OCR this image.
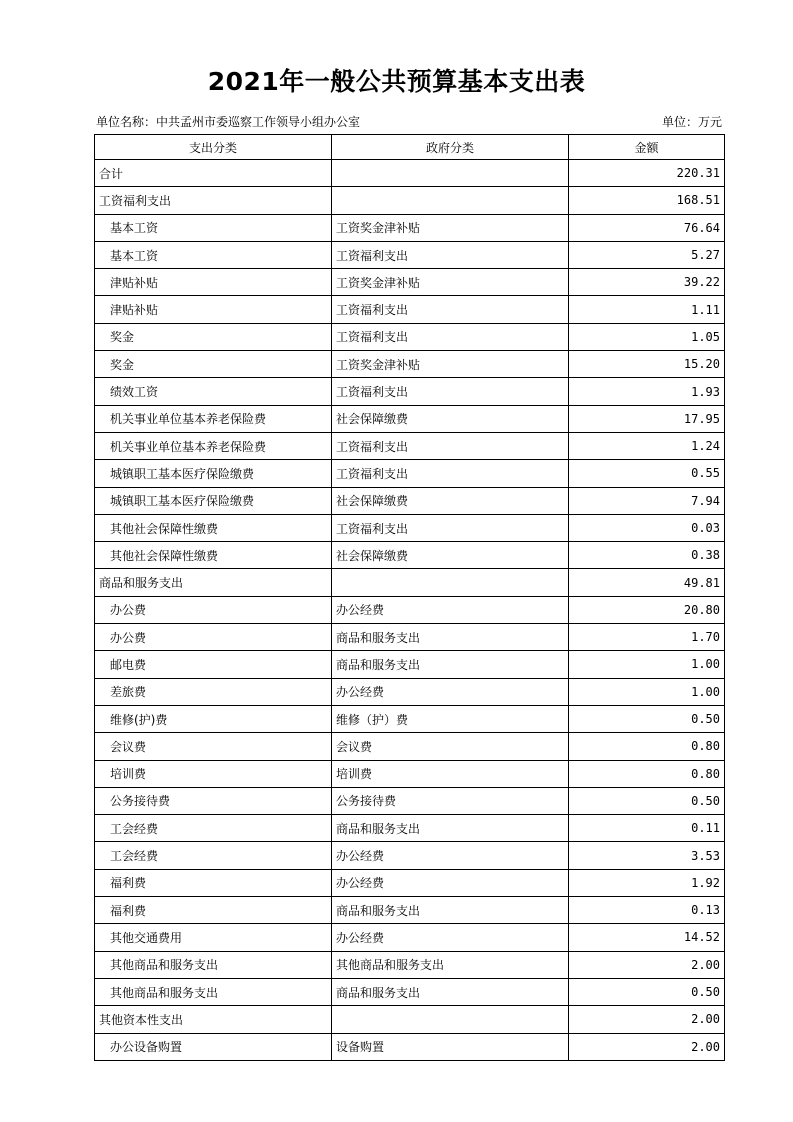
2021年一般公共预算基本支出表
单位名称：中共孟州市委巡察工作领导小组办公室	单位：万元
支出分类	政府分类	金额
合计		220.31
工资福利支出		168.51
基本工资	工资奖金津补贴	76.64
基本工资	工资福利支出	5.27
津贴补贴	工资奖金津补贴	39.22
津贴补贴	工资福利支出	1.11
奖金	工资福利支出	1.05
奖金	工资奖金津补贴	15.20
绩效工资	工资福利支出	1.93
机关事业单位基本养老保险费	社会保障缴费	17.95
机关事业单位基本养老保险费	工资福利支出	1.24
城镇职工基本医疗保险缴费	工资福利支出	0.55
城镇职工基本医疗保险缴费	社会保障缴费	7.94
其他社会保障性缴费	工资福利支出	0.03
其他社会保障性缴费	社会保障缴费	0.38
商品和服务支出		49.81
办公费	办公经费	20.80
办公费	商品和服务支出	1.70
邮电费	商品和服务支出	1.00
差旅费	办公经费	1.00
维修(护)费	维修（护）费	0.50
会议费	会议费	0.80
培训费	培训费	0.80
公务接待费	公务接待费	0.50
工会经费	商品和服务支出	0.11
工会经费	办公经费	3.53
福利费	办公经费	1.92
福利费	商品和服务支出	0.13
其他交通费用	办公经费	14.52
其他商品和服务支出	其他商品和服务支出	2.00
其他商品和服务支出	商品和服务支出	0.50
其他资本性支出		2.00
办公设备购置	设备购置	2.00
